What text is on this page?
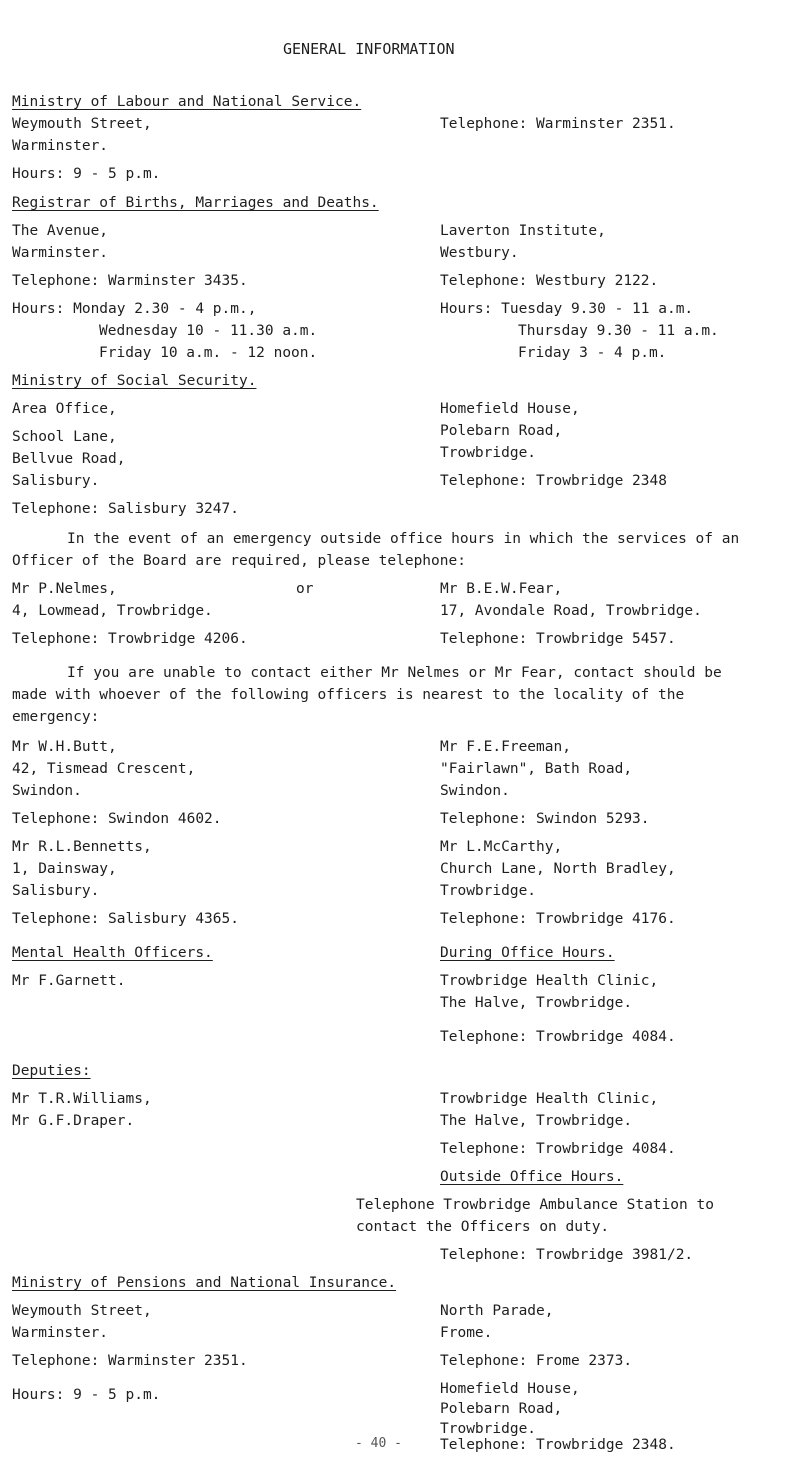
GENERAL INFORMATION
Ministry of Labour and National Service.
Weymouth Street,
Warminster.
Telephone: Warminster 2351.
Hours: 9 - 5 p.m.
Registrar of Births, Marriages and Deaths.
The Avenue,
Warminster.
Telephone: Warminster 3435.
Hours: Monday 2.30 - 4 p.m.,
Wednesday 10 - 11.30 a.m.
Friday 10 a.m. - 12 noon.
Laverton Institute,
Westbury.
Telephone: Westbury 2122.
Hours: Tuesday 9.30 - 11 a.m.
Thursday 9.30 - 11 a.m.
Friday 3 - 4 p.m.
Ministry of Social Security.
Area Office,
School Lane,
Bellvue Road,
Salisbury.
Telephone: Salisbury 3247.
Homefield House,
Polebarn Road,
Trowbridge.
Telephone: Trowbridge 2348
In the event of an emergency outside office hours in which the services of an Officer of the Board are required, please telephone:
Mr P.Nelmes,
4, Lowmead, Trowbridge.
Telephone: Trowbridge 4206.
or	Mr B.E.W.Fear,
17, Avondale Road, Trowbridge.
Telephone: Trowbridge 5457.
If you are unable to contact either Mr Nelmes or Mr Fear, contact should be made with whoever of the following officers is nearest to the locality of the emergency:
Mr W.H.Butt,
42, Tismead Crescent,
Swindon.
Telephone: Swindon 4602.
Mr F.E.Freeman,
"Fairlawn", Bath Road,
Swindon.
Telephone: Swindon 5293.
Mr R.L.Bennetts,
1, Dainsway,
Salisbury.
Telephone: Salisbury 4365.
Mr L.McCarthy,
Church Lane, North Bradley,
Trowbridge.
Telephone: Trowbridge 4176.
Mental Health Officers.
Mr F.Garnett.
Deputies:
Mr T.R.Williams,
Mr G.F.Draper.
During Office Hours.
Trowbridge Health Clinic,
The Halve, Trowbridge.
Telephone: Trowbridge 4084.
Trowbridge Health Clinic,
The Halve, Trowbridge.
Telephone: Trowbridge 4084.
Outside Office Hours.
Telephone Trowbridge Ambulance Station to
contact the Officers on duty.
Telephone: Trowbridge 3981/2.
Ministry of Pensions and National Insurance.
Weymouth Street,
Warminster.
Telephone: Warminster 2351.
Hours: 9 - 5 p.m.
North Parade,
Frome.
Telephone: Frome 2373.
Homefield House,
Polebarn Road,
Trowbridge.
Telephone: Trowbridge 2348.
- 40 -
